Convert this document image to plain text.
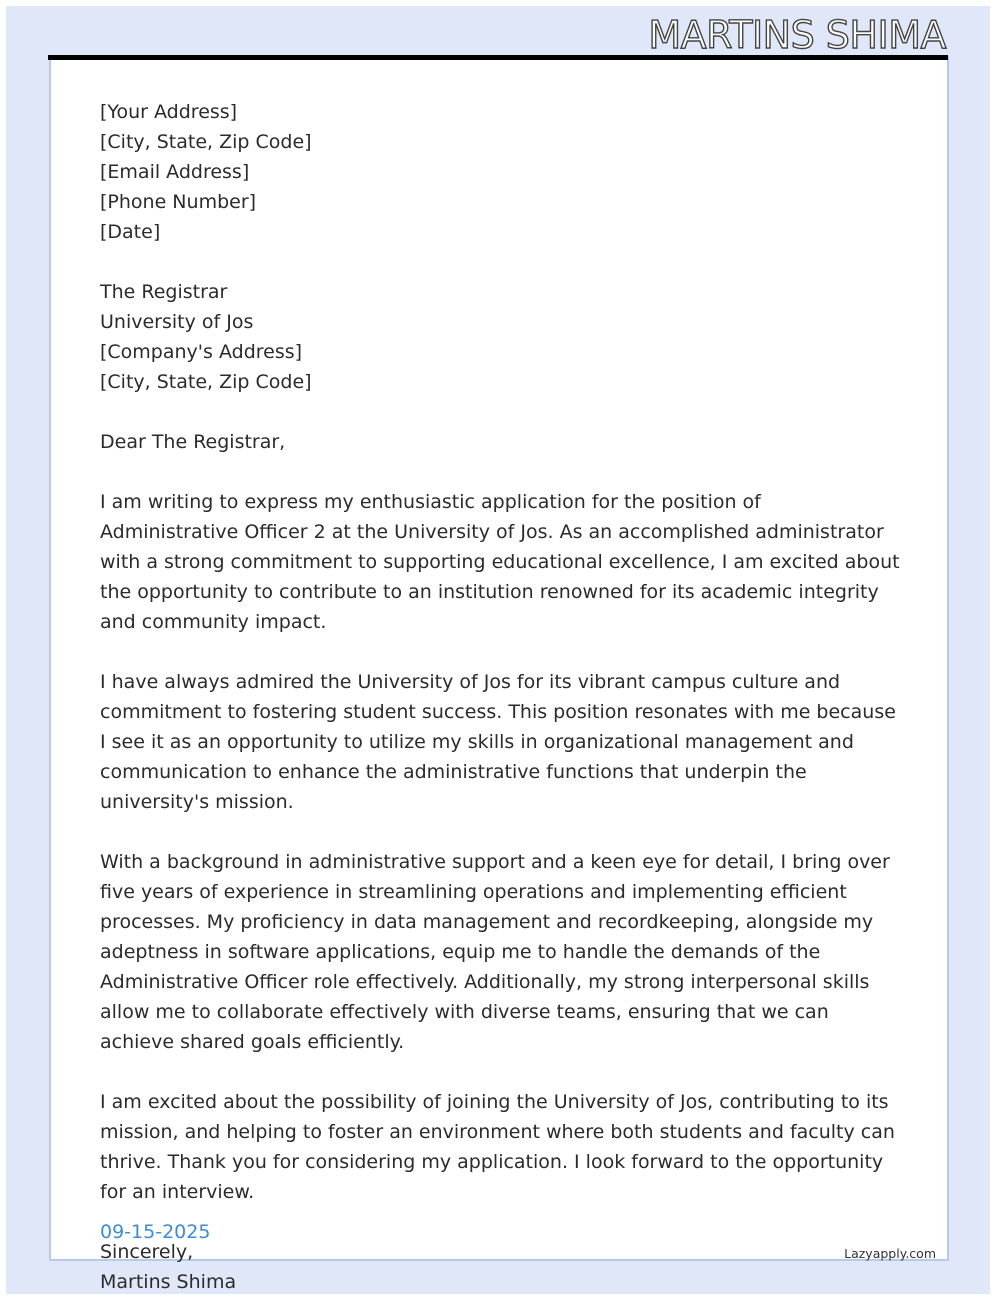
MARTINS SHIMA

[Your Address]
[City, State, Zip Code]
[Email Address]
[Phone Number]
[Date]

The Registrar
University of Jos
[Company's Address]
[City, State, Zip Code]

Dear The Registrar,

I am writing to express my enthusiastic application for the position of Administrative Officer 2 at the University of Jos. As an accomplished administrator with a strong commitment to supporting educational excellence, I am excited about the opportunity to contribute to an institution renowned for its academic integrity and community impact.

I have always admired the University of Jos for its vibrant campus culture and commitment to fostering student success. This position resonates with me because I see it as an opportunity to utilize my skills in organizational management and communication to enhance the administrative functions that underpin the university's mission.

With a background in administrative support and a keen eye for detail, I bring over five years of experience in streamlining operations and implementing efficient processes. My proficiency in data management and recordkeeping, alongside my adeptness in software applications, equip me to handle the demands of the Administrative Officer role effectively. Additionally, my strong interpersonal skills allow me to collaborate effectively with diverse teams, ensuring that we can achieve shared goals efficiently.

I am excited about the possibility of joining the University of Jos, contributing to its mission, and helping to foster an environment where both students and faculty can thrive. Thank you for considering my application. I look forward to the opportunity for an interview.

Sincerely,
Martins Shima

09-15-2025
Lazyapply.com
